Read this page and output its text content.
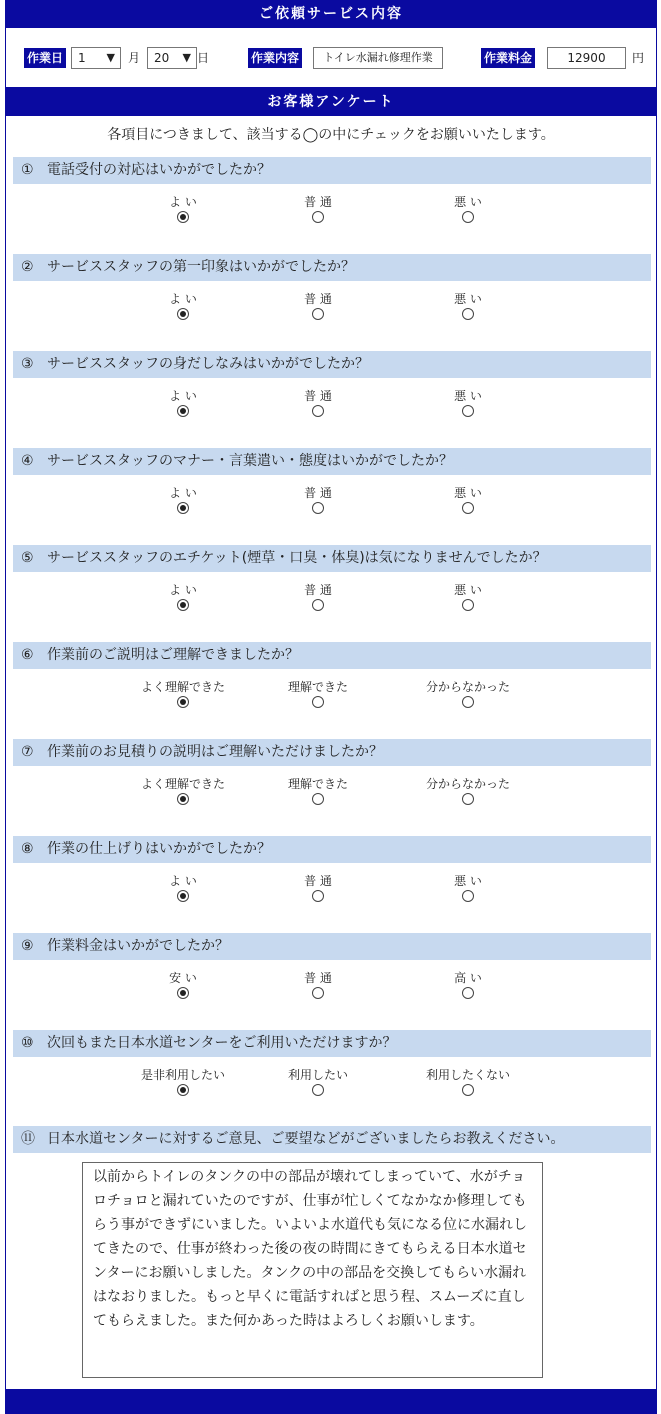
ご依頼サービス内容
作業日	1 ▼ 月	20 ▼ 日	作業内容	トイレ水漏れ修理作業	作業料金	12900	円
お客様アンケート
各項目につきまして、該当する◯の中にチェックをお願いいたします。
① 電話受付の対応はいかがでしたか？
よ い	普 通	悪 い
② サービススタッフの第一印象はいかがでしたか？
よ い	普 通	悪 い
③ サービススタッフの身だしなみはいかがでしたか？
よ い	普 通	悪 い
④ サービススタッフのマナー・言葉遣い・態度はいかがでしたか？
よ い	普 通	悪 い
⑤ サービススタッフのエチケット(煙草・口臭・体臭)は気になりませんでしたか？
よ い	普 通	悪 い
⑥ 作業前のご説明はご理解できましたか？
よく理解できた	理解できた	分からなかった
⑦ 作業前のお見積りの説明はご理解いただけましたか？
よく理解できた	理解できた	分からなかった
⑧ 作業の仕上げりはいかがでしたか？
よ い	普 通	悪 い
⑨ 作業料金はいかがでしたか？
安 い	普 通	高 い
⑩ 次回もまた日本水道センターをご利用いただけますか？
是非利用したい	利用したい	利用したくない
⑪ 日本水道センターに対するご意見、ご要望などがございましたらお教えください。
以前からトイレのタンクの中の部品が壊れてしまっていて、水がチョロチョロと漏れていたのですが、仕事が忙しくてなかなか修理してもらう事ができずにいました。いよいよ水道代も気になる位に水漏れしてきたので、仕事が終わった後の夜の時間にきてもらえる日本水道センターにお願いしました。タンクの中の部品を交換してもらい水漏れはなおりました。もっと早くに電話すればと思う程、スムーズに直してもらえました。また何かあった時はよろしくお願いします。
